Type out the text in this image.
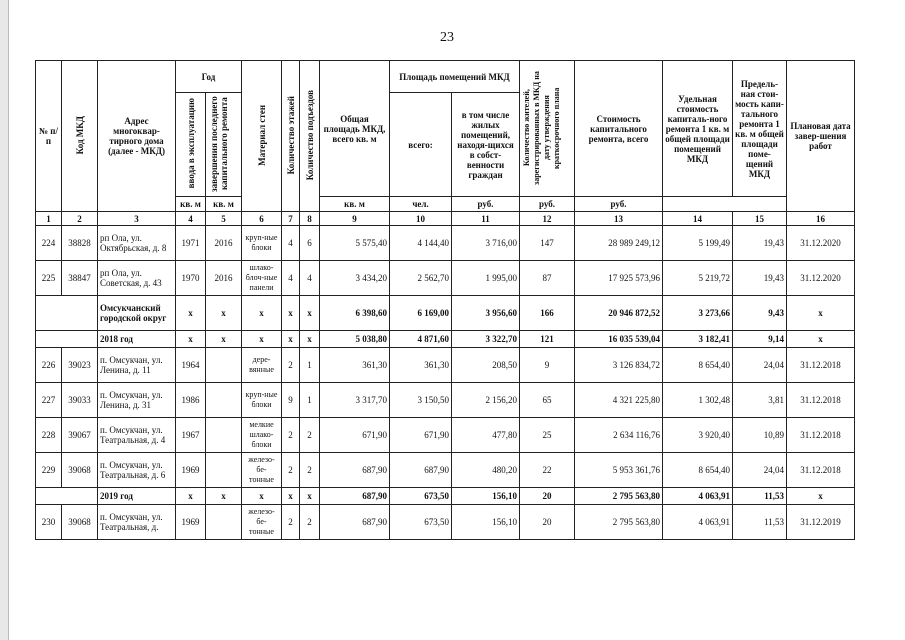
23
№ п/п	Код МКД	Адрес многоквар-тирного дома (далее - МКД)	Год		Материал стен	Количество этажей	Количество подъездов	Общая площадь МКД, всего кв. м	Площадь помещений МКД		Количество жителей, зарегистрированных в МКД на дату утверждения краткосрочного плана	Стоимость капитального ремонта, всего	Удельная стоимость капиталь-ного ремонта 1 кв. м общей площади помещений МКД	Предель-ная стои-мость капи-тального ремонта 1 кв. м общей площади поме-щений МКД	Плановая дата завер-шения работ
			ввода в эксплуатацию	завершения последнего капитального ремонта					всего:	в том числе жилых помещений, находя-щихся в собст-венности граждан					
			кв. м	кв. м				кв. м	чел.	руб.	руб.	руб.			
1	2	3	4	5	6	7	8	9	10	11	12	13	14	15	16

224	38828	рп Ола, ул. Октябрьская, д. 8	1971	2016	круп-ные блоки	4	6	5 575,40	4 144,40	3 716,00	147	28 989 249,12	5 199,49	19,43	31.12.2020

225	38847	рп Ола, ул. Советская, д. 43	1970	2016	шлако-блоч-ные панели	4	4	3 434,20	2 562,70	1 995,00	87	17 925 573,96	5 219,72	19,43	31.12.2020

		Омсукчанский городской округ	x	x	x	x	x	6 398,60	6 169,00	3 956,60	166	20 946 872,52	3 273,66	9,43	x
		2018 год	x	x	x	x	x	5 038,80	4 871,60	3 322,70	121	16 035 539,04	3 182,41	9,14	x

226	39023	п. Омсукчан, ул. Ленина, д. 11	1964		дере-вянные	2	1	361,30	361,30	208,50	9	3 126 834,72	8 654,40	24,04	31.12.2018

227	39033	п. Омсукчан, ул. Ленина, д. 31	1986		круп-ные блоки	9	1	3 317,70	3 150,50	2 156,20	65	4 321 225,80	1 302,48	3,81	31.12.2018

228	39067	п. Омсукчан, ул. Театральная, д. 4	1967		мелкие шлако-блоки	2	2	671,90	671,90	477,80	25	2 634 116,76	3 920,40	10,89	31.12.2018

229	39068	п. Омсукчан, ул. Театральная, д. 6	1969		железо-бе-тонные	2	2	687,90	687,90	480,20	22	5 953 361,76	8 654,40	24,04	31.12.2018

		2019 год	x	x	x	x	x	687,90	673,50	156,10	20	2 795 563,80	4 063,91	11,53	x

230	39068	п. Омсукчан, ул. Театральная, д.	1969		железо-бе-тонные	2	2	687,90	673,50	156,10	20	2 795 563,80	4 063,91	11,53	31.12.2019
